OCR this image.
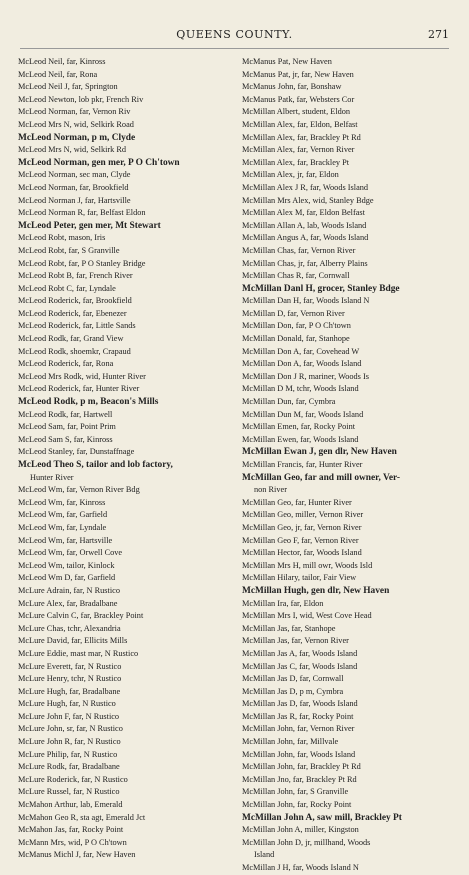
QUEENS COUNTY.	271
McLeod Neil, far, Kinross
McLeod Neil, far, Rona
McLeod Neil J, far, Springton
McLeod Newton, lob pkr, French Riv
McLeod Norman, far, Vernon Riv
McLeod Mrs N, wid, Selkirk Road
McLeod Norman, p m, Clyde
McLeod Mrs N, wid, Selkirk Rd
McLeod Norman, gen mer, P O Ch'town
McLeod Norman, sec man, Clyde
McLeod Norman, far, Brookfield
McLeod Norman J, far, Hartsville
McLeod Norman R, far, Belfast Eldon
McLeod Peter, gen mer, Mt Stewart
McLeod Robt, mason, Iris
McLeod Robt, far, S Granville
McLeod Robt, far, P O Stanley Bridge
McLeod Robt B, far, French River
McLeod Robt C, far, Lyndale
McLeod Roderick, far, Brookfield
McLeod Roderick, far, Ebenezer
McLeod Roderick, far, Little Sands
McLeod Rodk, far, Grand View
McLeod Rodk, shoemkr, Crapaud
McLeod Roderick, far, Rona
McLeod Mrs Rodk, wid, Hunter River
McLeod Roderick, far, Hunter River
McLeod Rodk, p m, Beacon's Mills
McLeod Rodk, far, Hartwell
McLeod Sam, far, Point Prim
McLeod Sam S, far, Kinross
McLeod Stanley, far, Dunstaffnage
McLeod Theo S, tailor and lob factory,
Hunter River
McLeod Wm, far, Vernon River Bdg
McLeod Wm, far, Kinross
McLeod Wm, far, Garfield
McLeod Wm, far, Lyndale
McLeod Wm, far, Hartsville
McLeod Wm, far, Orwell Cove
McLeod Wm, tailor, Kinlock
McLeod Wm D, far, Garfield
McLure Adrain, far, N Rustico
McLure Alex, far, Bradalbane
McLure Calvin C, far, Brackley Point
McLure Chas, tchr, Alexandria
McLure David, far, Ellicits Mills
McLure Eddie, mast mar, N Rustico
McLure Everett, far, N Rustico
McLure Henry, tchr, N Rustico
McLure Hugh, far, Bradalbane
McLure Hugh, far, N Rustico
McLure John F, far, N Rustico
McLure John, sr, far, N Rustico
McLure John R, far, N Rustico
McLure Philip, far, N Rustico
McLure Rodk, far, Bradalbane
McLure Roderick, far, N Rustico
McLure Russel, far, N Rustico
McMahon Arthur, lab, Emerald
McMahon Geo R, sta agt, Emerald Jct
McMahon Jas, far, Rocky Point
McMann Mrs, wid, P O Ch'town
McManus Michl J, far, New Haven
McManus Pat, New Haven
McManus Pat, jr, far, New Haven
McManus John, far, Bonshaw
McManus Patk, far, Websters Cor
McMillan Albert, student, Eldon
McMillan Alex, far, Eldon, Belfast
McMillan Alex, far, Brackley Pt Rd
McMillan Alex, far, Vernon River
McMillan Alex, far, Brackley Pt
McMillan Alex, jr, far, Eldon
McMillan Alex J R, far, Woods Island
McMillan Mrs Alex, wid, Stanley Bdge
McMillan Alex M, far, Eldon Belfast
McMillan Allan A, lab, Woods Island
McMillan Angus A, far, Woods Island
McMillan Chas, far, Vernon River
McMillan Chas, jr, far, Alberry Plains
McMillan Chas R, far, Cornwall
McMillan Danl H, grocer, Stanley Bdge
McMillan Dan H, far, Woods Island N
McMillan D, far, Vernon River
McMillan Don, far, P O Ch'town
McMillan Donald, far, Stanhope
McMillan Don A, far, Covehead W
McMillan Don A, far, Woods Island
McMillan Don J R, mariner, Woods Is
McMillan D M, tchr, Woods Island
McMillan Dun, far, Cymbra
McMillan Dun M, far, Woods Island
McMillan Emen, far, Rocky Point
McMillan Ewen, far, Woods Island
McMillan Ewan J, gen dlr, New Haven
McMillan Francis, far, Hunter River
McMillan Geo, far and mill owner, Ver-
non River
McMillan Geo, far, Hunter River
McMillan Geo, miller, Vernon River
McMillan Geo, jr, far, Vernon River
McMillan Geo F, far, Vernon River
McMillan Hector, far, Woods Island
McMillan Mrs H, mill owr, Woods Isld
McMillan Hilary, tailor, Fair View
McMillan Hugh, gen dlr, New Haven
McMillan Ira, far, Eldon
McMillan Mrs I, wid, West Cove Head
McMillan Jas, far, Stanhope
McMillan Jas, far, Vernon River
McMillan Jas A, far, Woods Island
McMillan Jas C, far, Woods Island
McMillan Jas D, far, Cornwall
McMillan Jas D, p m, Cymbra
McMillan Jas D, far, Woods Island
McMillan Jas R, far, Rocky Point
McMillan John, far, Vernon River
McMillan John, far, Millvale
McMillan John, far, Woods Island
McMillan John, far, Brackley Pt Rd
McMillan Jno, far, Brackley Pt Rd
McMillan John, far, S Granville
McMillan John, far, Rocky Point
McMillan John A, saw mill, Brackley Pt
McMillan John A, miller, Kingston
McMillan John D, jr, millhand, Woods
Island
McMillan J H, far, Woods Island N
